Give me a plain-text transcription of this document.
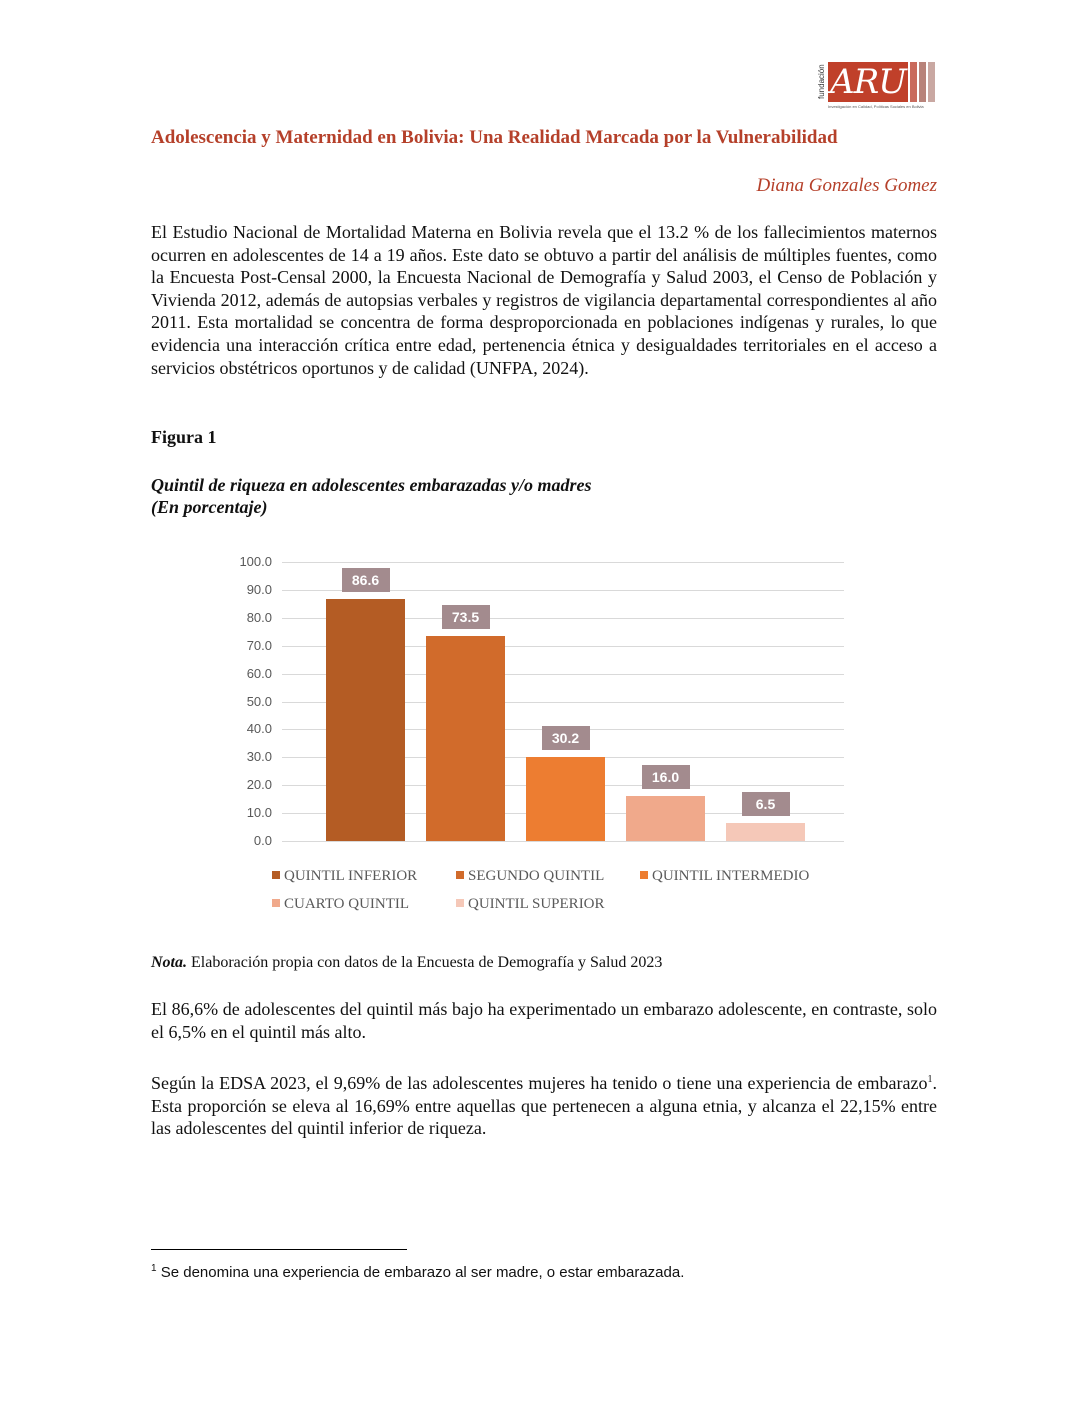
fundación ARU
Investigación en Calidad, Políticas Sociales en Bolivia
Adolescencia y Maternidad en Bolivia: Una Realidad Marcada por la Vulnerabilidad
Diana Gonzales Gomez
El Estudio Nacional de Mortalidad Materna en Bolivia revela que el 13.2 % de los fallecimientos maternos ocurren en adolescentes de 14 a 19 años. Este dato se obtuvo a partir del análisis de múltiples fuentes, como la Encuesta Post-Censal 2000, la Encuesta Nacional de Demografía y Salud 2003, el Censo de Población y Vivienda 2012, además de autopsias verbales y registros de vigilancia departamental correspondientes al año 2011. Esta mortalidad se concentra de forma desproporcionada en poblaciones indígenas y rurales, lo que evidencia una interacción crítica entre edad, pertenencia étnica y desigualdades territoriales en el acceso a servicios obstétricos oportunos y de calidad (UNFPA, 2024).
Figura 1
Quintil de riqueza en adolescentes embarazadas y/o madres
(En porcentaje)
100.0
90.0
80.0
70.0
60.0
50.0
40.0
30.0
20.0
10.0
0.0
86.6
73.5
30.2
16.0
6.5
QUINTIL INFERIOR	SEGUNDO QUINTIL	QUINTIL INTERMEDIO
CUARTO QUINTIL	QUINTIL SUPERIOR
Nota. Elaboración propia con datos de la Encuesta de Demografía y Salud 2023
El 86,6% de adolescentes del quintil más bajo ha experimentado un embarazo adolescente, en contraste, solo el 6,5% en el quintil más alto.
Según la EDSA 2023, el 9,69% de las adolescentes mujeres ha tenido o tiene una experiencia de embarazo$^1$. Esta proporción se eleva al 16,69% entre aquellas que pertenecen a alguna etnia, y alcanza el 22,15% entre las adolescentes del quintil inferior de riqueza.
$^1$ Se denomina una experiencia de embarazo al ser madre, o estar embarazada.
